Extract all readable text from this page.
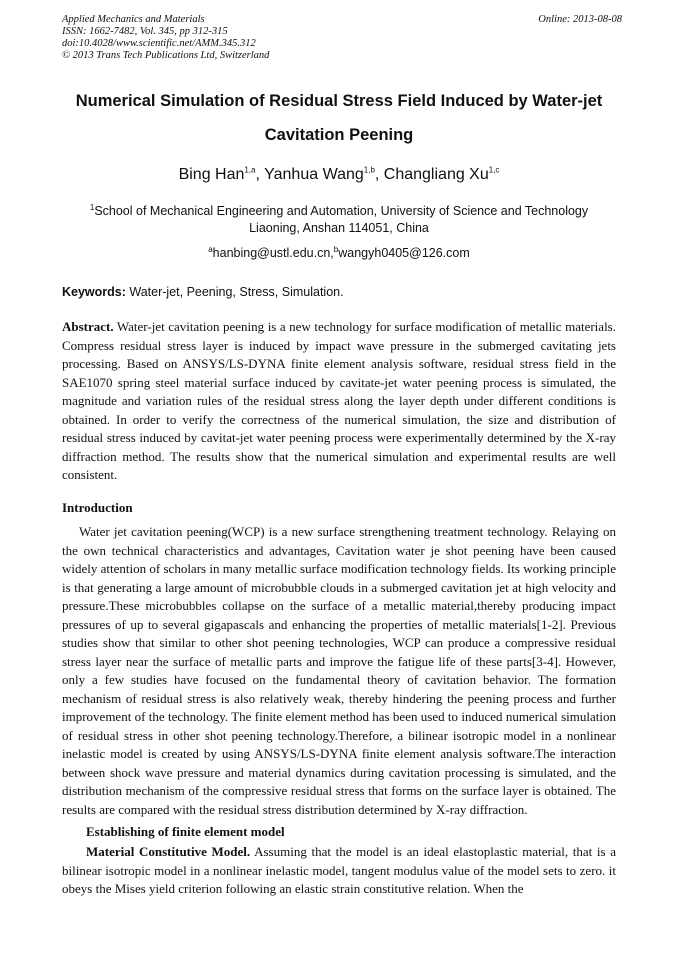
Applied Mechanics and Materials
ISSN: 1662-7482, Vol. 345, pp 312-315
doi:10.4028/www.scientific.net/AMM.345.312
© 2013 Trans Tech Publications Ltd, Switzerland
Online: 2013-08-08
Numerical Simulation of Residual Stress Field Induced by Water-jet
Cavitation Peening
Bing Han$^{1,a}$, Yanhua Wang$^{1,b}$, Changliang Xu$^{1,c}$
$^1$School of Mechanical Engineering and Automation, University of Science and Technology
Liaoning, Anshan 114051, China
$^a$hanbing@ustl.edu.cn,$^b$wangyh0405@126.com
Keywords: Water-jet, Peening, Stress, Simulation.
Abstract. Water-jet cavitation peening is a new technology for surface modification of metallic materials. Compress residual stress layer is induced by impact wave pressure in the submerged cavitating jets processing. Based on ANSYS/LS-DYNA finite element analysis software, residual stress field in the SAE1070 spring steel material surface induced by cavitate-jet water peening process is simulated, the magnitude and variation rules of the residual stress along the layer depth under different conditions is obtained. In order to verify the correctness of the numerical simulation, the size and distribution of residual stress induced by cavitat-jet water peening process were experimentally determined by the X-ray diffraction method. The results show that the numerical simulation and experimental results are well consistent.
Introduction
Water jet cavitation peening(WCP) is a new surface strengthening treatment technology. Relaying on the own technical characteristics and advantages, Cavitation water je shot peening have been caused widely attention of scholars in many metallic surface modification technology fields. Its working principle is that generating a large amount of microbubble clouds in a submerged cavitation jet at high velocity and pressure.These microbubbles collapse on the surface of a metallic material,thereby producing impact pressures of up to several gigapascals and enhancing the properties of metallic materials[1-2]. Previous studies show that similar to other shot peening technologies, WCP can produce a compressive residual stress layer near the surface of metallic parts and improve the fatigue life of these parts[3-4]. However, only a few studies have focused on the fundamental theory of cavitation behavior. The formation mechanism of residual stress is also relatively weak, thereby hindering the peening process and further improvement of the technology. The finite element method has been used to induced numerical simulation of residual stress in other shot peening technology.Therefore, a bilinear isotropic model in a nonlinear inelastic model is created by using ANSYS/LS-DYNA finite element analysis software.The interaction between shock wave pressure and material dynamics during cavitation processing is simulated, and the distribution mechanism of the compressive residual stress that forms on the surface layer is obtained. The results are compared with the residual stress distribution determined by X-ray diffraction.
Establishing of finite element model
Material Constitutive Model. Assuming that the model is an ideal elastoplastic material, that is a bilinear isotropic model in a nonlinear inelastic model, tangent modulus value of the model sets to zero. it obeys the Mises yield criterion following an elastic strain constitutive relation. When the
